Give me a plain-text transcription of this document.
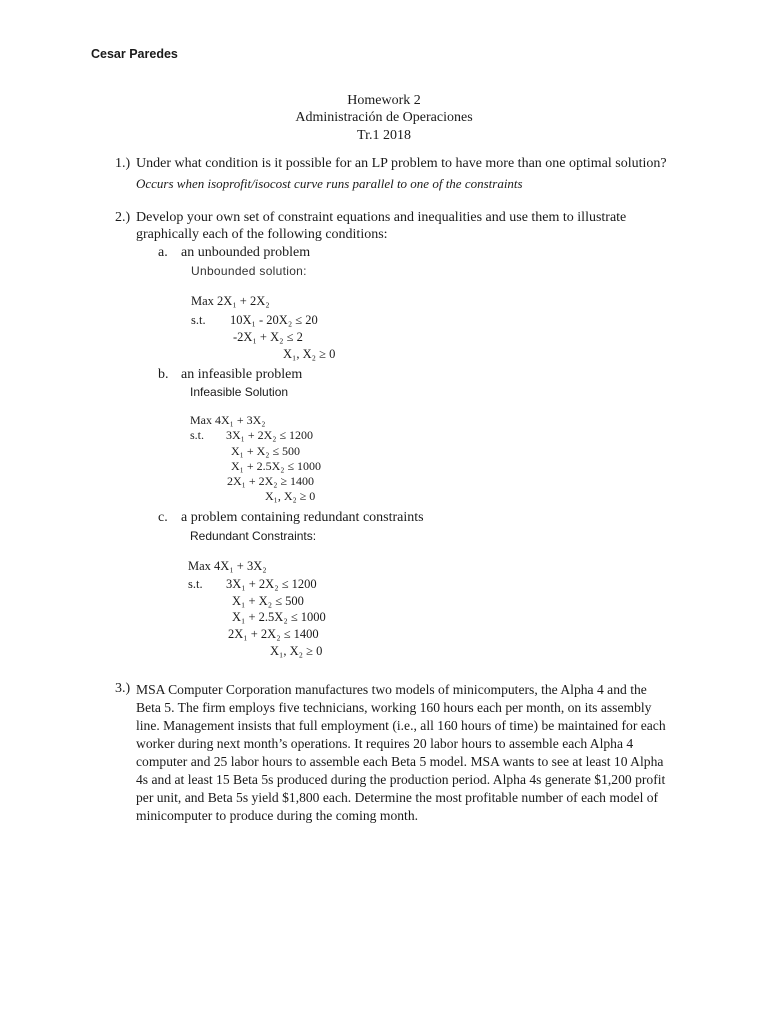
Cesar Paredes
Homework 2
Administración de Operaciones
Tr.1 2018
1.) Under what condition is it possible for an LP problem to have more than one optimal solution?
Occurs when isoprofit/isocost curve runs parallel to one of the constraints
2.) Develop your own set of constraint equations and inequalities and use them to illustrate
graphically each of the following conditions:
a. an unbounded problem
Unbounded solution:
Max 2X₁ + 2X₂
s.t. 10X₁ - 20X₂ ≤ 20
-2X₁ + X₂ ≤ 2
X₁, X₂ ≥ 0
b. an infeasible problem
Infeasible Solution
Max 4X₁ + 3X₂
s.t. 3X₁ + 2X₂ ≤ 1200
X₁ + X₂ ≤ 500
X₁ + 2.5X₂ ≤ 1000
2X₁ + 2X₂ ≥ 1400
X₁, X₂ ≥ 0
c. a problem containing redundant constraints
Redundant Constraints:
Max 4X₁ + 3X₂
s.t. 3X₁ + 2X₂ ≤ 1200
X₁ + X₂ ≤ 500
X₁ + 2.5X₂ ≤ 1000
2X₁ + 2X₂ ≤ 1400
X₁, X₂ ≥ 0
3.) MSA Computer Corporation manufactures two models of minicomputers, the Alpha 4 and the
Beta 5. The firm employs five technicians, working 160 hours each per month, on its assembly
line. Management insists that full employment (i.e., all 160 hours of time) be maintained for each
worker during next month’s operations. It requires 20 labor hours to assemble each Alpha 4
computer and 25 labor hours to assemble each Beta 5 model. MSA wants to see at least 10 Alpha
4s and at least 15 Beta 5s produced during the production period. Alpha 4s generate $1,200 profit
per unit, and Beta 5s yield $1,800 each. Determine the most profitable number of each model of
minicomputer to produce during the coming month.
